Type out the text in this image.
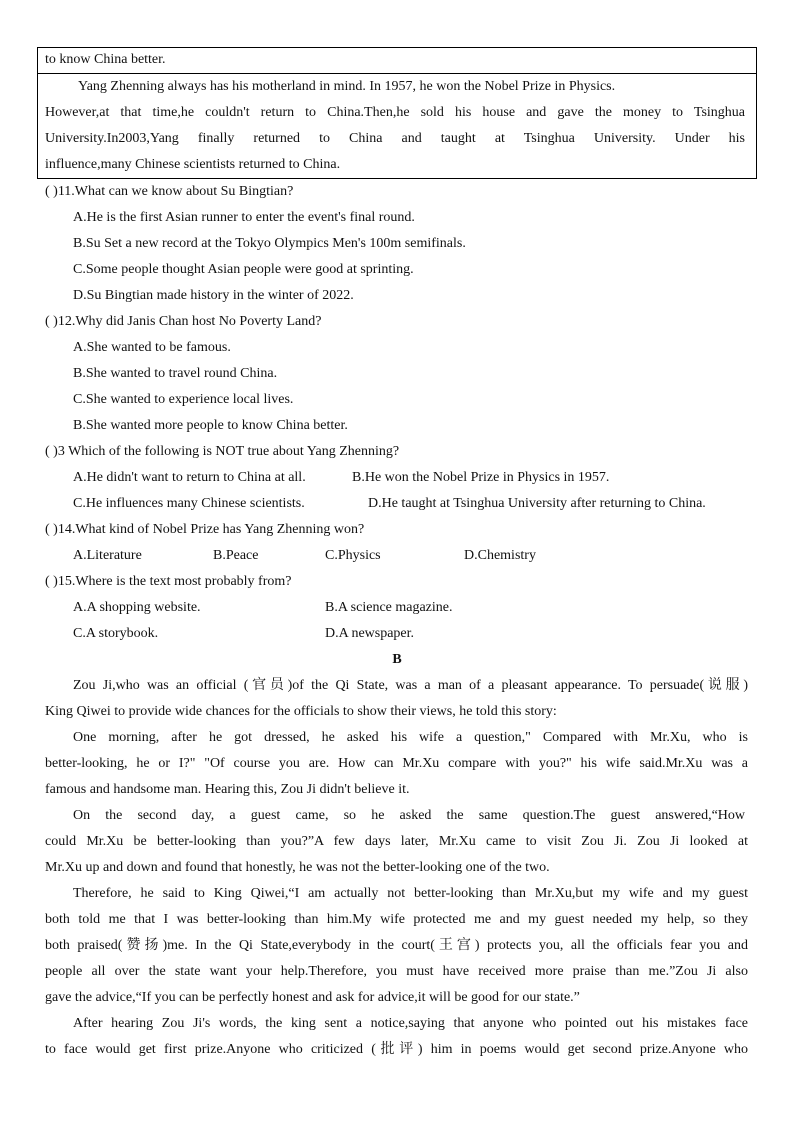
to know China better.
Yang Zhenning always has his motherland in mind. In 1957, he won the Nobel Prize in Physics.
However,at that time,he couldn't return to China.Then,he sold his house and gave the money to Tsinghua
University.In2003,Yang finally returned to China and taught at Tsinghua University. Under his
influence,many Chinese scientists returned to China.
( )11.What can we know about Su Bingtian?
A.He is the first Asian runner to enter the event's final round.
B.Su Set a new record at the Tokyo Olympics Men's 100m semifinals.
C.Some people thought Asian people were good at sprinting.
D.Su Bingtian made history in the winter of 2022.
( )12.Why did Janis Chan host No Poverty Land?
A.She wanted to be famous.
B.She wanted to travel round China.
C.She wanted to experience local lives.
B.She wanted more people to know China better.
( )3 Which of the following is NOT true about Yang Zhenning?
A.He didn't want to return to China at all.	B.He won the Nobel Prize in Physics in 1957.
C.He influences many Chinese scientists.	D.He taught at Tsinghua University after returning to China.
( )14.What kind of Nobel Prize has Yang Zhenning won?
A.Literature	B.Peace	C.Physics	D.Chemistry
( )15.Where is the text most probably from?
A.A shopping website.	B.A science magazine.
C.A storybook.	D.A newspaper.
B
Zou Ji,who was an official (官员)of the Qi State, was a man of a pleasant appearance. To persuade(说服)
King Qiwei to provide wide chances for the officials to show their views, he told this story:
One morning, after he got dressed, he asked his wife a question," Compared with Mr.Xu, who is
better-looking, he or I?" "Of course you are. How can Mr.Xu compare with you?" his wife said.Mr.Xu was a
famous and handsome man. Hearing this, Zou Ji didn't believe it.
On the second day, a guest came, so he asked the same question.The guest answered,“How
could Mr.Xu be better-looking than you?”A few days later, Mr.Xu came to visit Zou Ji. Zou Ji looked at
Mr.Xu up and down and found that honestly, he was not the better-looking one of the two.
Therefore, he said to King Qiwei,“I am actually not better-looking than Mr.Xu,but my wife and my guest
both told me that I was better-looking than him.My wife protected me and my guest needed my help, so they
both praised(赞扬)me. In the Qi State,everybody in the court(王宫) protects you, all the officials fear you and
people all over the state want your help.Therefore, you must have received more praise than me.”Zou Ji also
gave the advice,“If you can be perfectly honest and ask for advice,it will be good for our state.”
After hearing Zou Ji's words, the king sent a notice,saying that anyone who pointed out his mistakes face
to face would get first prize.Anyone who criticized (批评) him in poems would get second prize.Anyone who
